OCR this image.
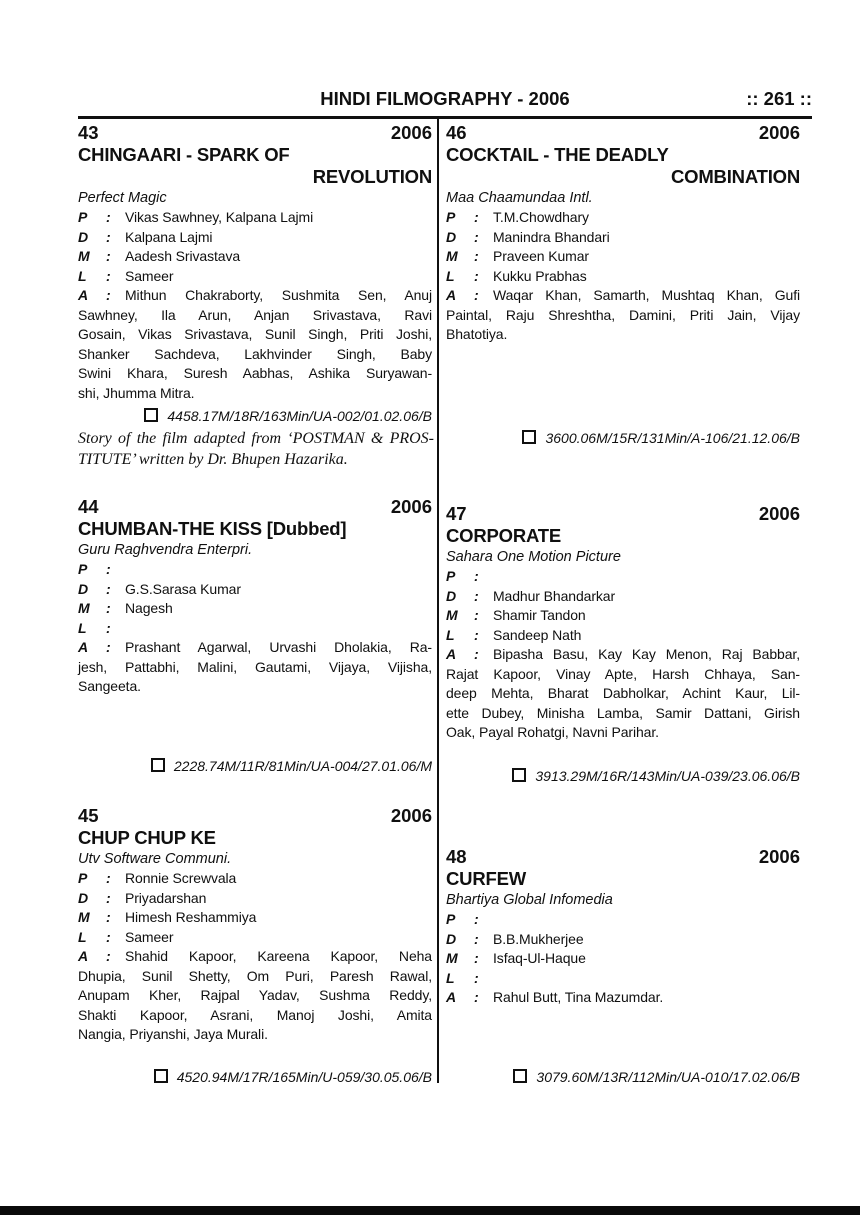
HINDI FILMOGRAPHY - 2006	:: 261 ::
43	2006
CHINGAARI - SPARK OF
REVOLUTION
Perfect Magic
P : Vikas Sawhney, Kalpana Lajmi
D : Kalpana Lajmi
M : Aadesh Srivastava
L : Sameer
A :	Mithun Chakraborty, Sushmita Sen, Anuj
Sawhney, Ila Arun, Anjan Srivastava, Ravi
Gosain, Vikas Srivastava, Sunil Singh, Priti Joshi,
Shanker Sachdeva, Lakhvinder Singh, Baby
Swini Khara, Suresh Aabhas, Ashika Suryawan-
shi, Jhumma Mitra.
4458.17M/18R/163Min/UA-002/01.02.06/B
Story of the film adapted from ‘POSTMAN & PROS-
TITUTE’ written by Dr. Bhupen Hazarika.
44	2006
CHUMBAN-THE KISS [Dubbed]
Guru Raghvendra Enterpri.
P :
D : G.S.Sarasa Kumar
M : Nagesh
L :
A :	Prashant Agarwal, Urvashi Dholakia, Ra-
jesh, Pattabhi, Malini, Gautami, Vijaya, Vijisha,
Sangeeta.
2228.74M/11R/81Min/UA-004/27.01.06/M
45	2006
CHUP CHUP KE
Utv Software Communi.
P : Ronnie Screwvala
D : Priyadarshan
M : Himesh Reshammiya
L : Sameer
A :	Shahid Kapoor, Kareena Kapoor, Neha
Dhupia, Sunil Shetty, Om Puri, Paresh Rawal,
Anupam Kher, Rajpal Yadav, Sushma Reddy,
Shakti Kapoor, Asrani, Manoj Joshi, Amita
Nangia, Priyanshi, Jaya Murali.
4520.94M/17R/165Min/U-059/30.05.06/B
46	2006
COCKTAIL - THE DEADLY
COMBINATION
Maa Chaamundaa Intl.
P : T.M.Chowdhary
D : Manindra Bhandari
M : Praveen Kumar
L : Kukku Prabhas
A :	Waqar Khan, Samarth, Mushtaq Khan, Gufi
Paintal, Raju Shreshtha, Damini, Priti Jain, Vijay
Bhatotiya.
3600.06M/15R/131Min/A-106/21.12.06/B
47	2006
CORPORATE
Sahara One Motion Picture
P :
D : Madhur Bhandarkar
M : Shamir Tandon
L : Sandeep Nath
A :	Bipasha Basu, Kay Kay Menon, Raj Babbar,
Rajat Kapoor, Vinay Apte, Harsh Chhaya, San-
deep Mehta, Bharat Dabholkar, Achint Kaur, Lil-
ette Dubey, Minisha Lamba, Samir Dattani, Girish
Oak, Payal Rohatgi, Navni Parihar.
3913.29M/16R/143Min/UA-039/23.06.06/B
48	2006
CURFEW
Bhartiya Global Infomedia
P :
D : B.B.Mukherjee
M : Isfaq-Ul-Haque
L :
A :	Rahul Butt, Tina Mazumdar.
3079.60M/13R/112Min/UA-010/17.02.06/B
